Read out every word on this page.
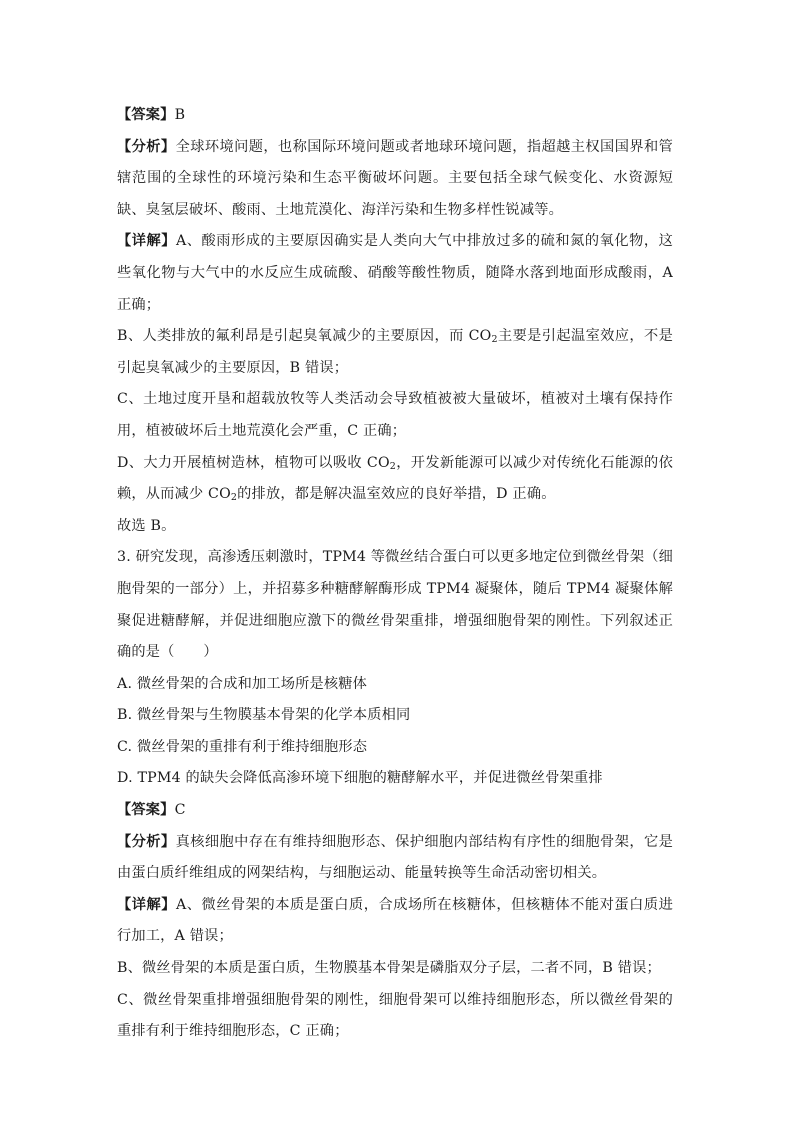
【答案】B

【分析】全球环境问题，也称国际环境问题或者地球环境问题，指超越主权国国界和管辖范围的全球性的环境污染和生态平衡破坏问题。主要包括全球气候变化、水资源短缺、臭氢层破坏、酸雨、土地荒漠化、海洋污染和生物多样性锐减等。

【详解】A、酸雨形成的主要原因确实是人类向大气中排放过多的硫和氮的氧化物，这些氧化物与大气中的水反应生成硫酸、硝酸等酸性物质，随降水落到地面形成酸雨，A 正确；

B、人类排放的氟利昂是引起臭氧减少的主要原因，而 $CO_2$主要是引起温室效应，不是引起臭氧减少的主要原因，B 错误；

C、土地过度开垦和超载放牧等人类活动会导致植被被大量破坏，植被对土壤有保持作用，植被破坏后土地荒漠化会严重，C 正确；

D、大力开展植树造林，植物可以吸收 $CO_2$，开发新能源可以减少对传统化石能源的依赖，从而减少 $CO_2$的排放，都是解决温室效应的良好举措，D 正确。

故选 B。

3. 研究发现，高渗透压刺激时，TPM4 等微丝结合蛋白可以更多地定位到微丝骨架（细胞骨架的一部分）上，并招募多种糖酵解酶形成 TPM4 凝聚体，随后 TPM4 凝聚体解聚促进糖酵解，并促进细胞应激下的微丝骨架重排，增强细胞骨架的刚性。下列叙述正确的是（　　）

A. 微丝骨架的合成和加工场所是核糖体

B. 微丝骨架与生物膜基本骨架的化学本质相同

C. 微丝骨架的重排有利于维持细胞形态

D. TPM4 的缺失会降低高渗环境下细胞的糖酵解水平，并促进微丝骨架重排

【答案】C

【分析】真核细胞中存在有维持细胞形态、保护细胞内部结构有序性的细胞骨架，它是由蛋白质纤维组成的网架结构，与细胞运动、能量转换等生命活动密切相关。

【详解】A、微丝骨架的本质是蛋白质，合成场所在核糖体，但核糖体不能对蛋白质进行加工，A 错误；

B、微丝骨架的本质是蛋白质，生物膜基本骨架是磷脂双分子层，二者不同，B 错误；

C、微丝骨架重排增强细胞骨架的刚性，细胞骨架可以维持细胞形态，所以微丝骨架的重排有利于维持细胞形态，C 正确；
